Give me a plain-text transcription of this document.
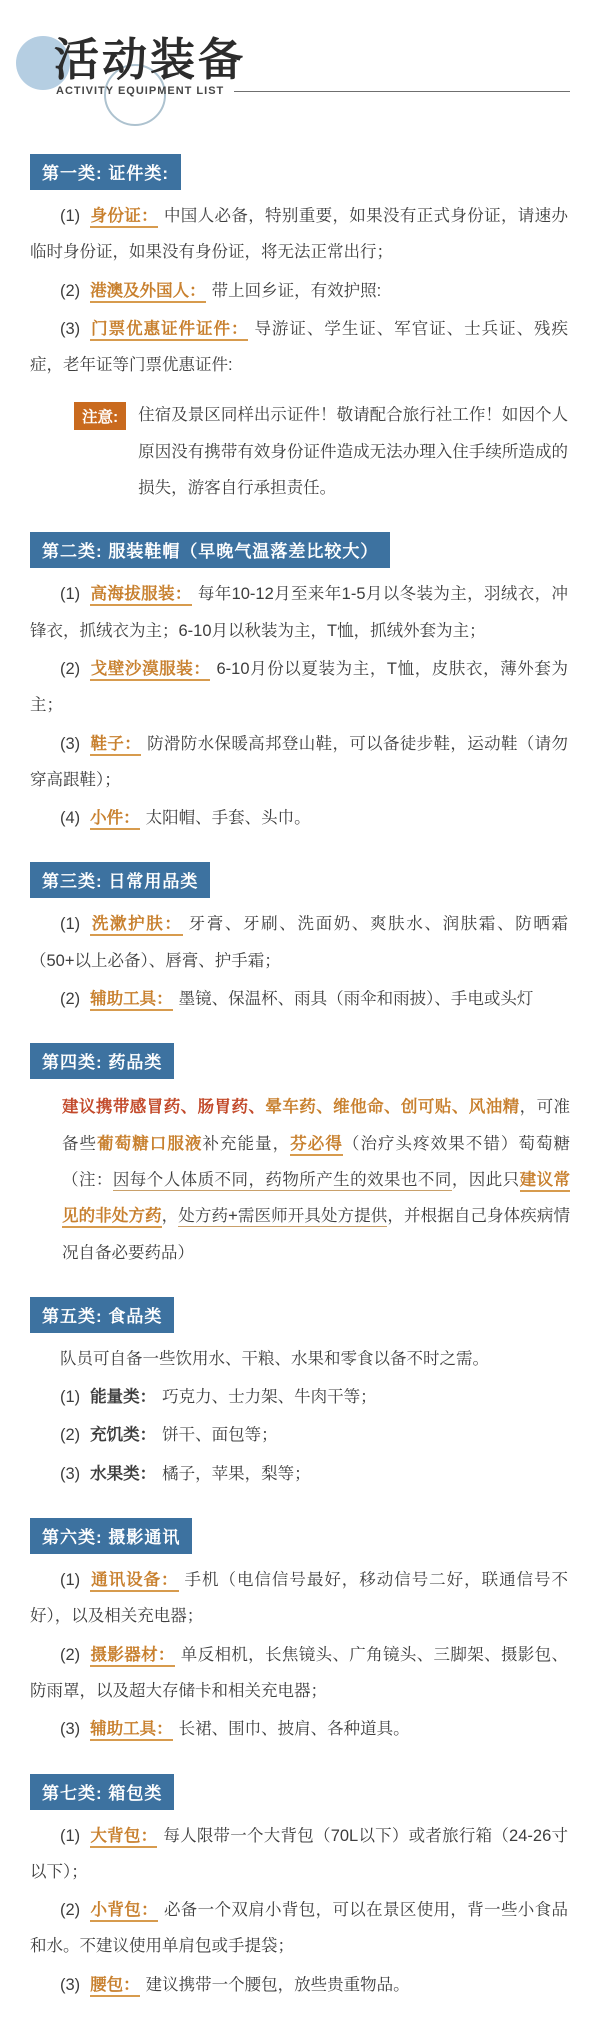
活动装备
ACTIVITY EQUIPMENT LIST
第一类: 证件类:

(1) 身份证： 中国人必备，特别重要，如果没有正式身份证，请速办临时身份证，如果没有身份证，将无法正常出行；

(2) 港澳及外国人： 带上回乡证，有效护照:

(3) 门票优惠证件证件： 导游证、学生证、军官证、士兵证、残疾症，老年证等门票优惠证件:

注意:	住宿及景区同样出示证件！敬请配合旅行社工作！如因个人原因没有携带有效身份证件造成无法办理入住手续所造成的损失，游客自行承担责任。
第二类: 服装鞋帽（早晚气温落差比较大）

(1) 高海拔服装： 每年10-12月至来年1-5月以冬装为主，羽绒衣，冲锋衣，抓绒衣为主；6-10月以秋装为主，T恤，抓绒外套为主；

(2) 戈壁沙漠服装： 6-10月份以夏装为主，T恤，皮肤衣，薄外套为主；

(3) 鞋子： 防滑防水保暖高邦登山鞋，可以备徒步鞋，运动鞋（请勿穿高跟鞋）；

(4) 小件： 太阳帽、手套、头巾。

第三类: 日常用品类

(1) 洗漱护肤： 牙膏、牙刷、洗面奶、爽肤水、润肤霜、防晒霜（50+以上必备）、唇膏、护手霜；

(2) 辅助工具： 墨镜、保温杯、雨具（雨伞和雨披）、手电或头灯

第四类: 药品类

建议携带感冒药、肠胃药、晕车药、维他命、创可贴、风油精，可准备些葡萄糖口服液补充能量，芬必得（治疗头疼效果不错）萄萄糖（注：因每个人体质不同，药物所产生的效果也不同，因此只建议常见的非处方药，处方药+需医师开具处方提供，并根据自己身体疾病情况自备必要药品）

第五类: 食品类

队员可自备一些饮用水、干粮、水果和零食以备不时之需。

(1) 能量类： 巧克力、士力架、牛肉干等；

(2) 充饥类： 饼干、面包等；

(3) 水果类： 橘子，苹果，梨等；

第六类: 摄影通讯

(1) 通讯设备： 手机（电信信号最好，移动信号二好，联通信号不好），以及相关充电器；

(2) 摄影器材： 单反相机，长焦镜头、广角镜头、三脚架、摄影包、防雨罩，以及超大存储卡和相关充电器；

(3) 辅助工具： 长裙、围巾、披肩、各种道具。

第七类: 箱包类

(1) 大背包： 每人限带一个大背包（70L以下）或者旅行箱（24-26寸以下）；

(2) 小背包： 必备一个双肩小背包，可以在景区使用，背一些小食品和水。不建议使用单肩包或手提袋；

(3) 腰包： 建议携带一个腰包，放些贵重物品。
